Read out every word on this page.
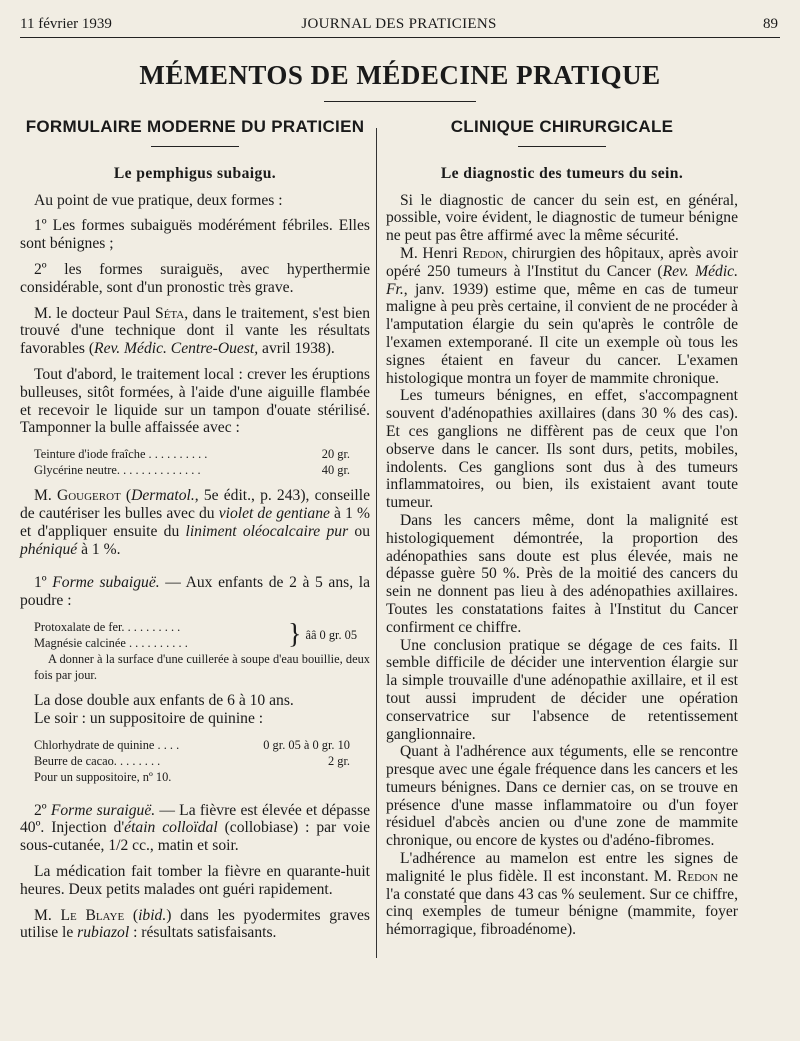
11 février 1939	JOURNAL DES PRATICIENS	89
MÉMENTOS DE MÉDECINE PRATIQUE
FORMULAIRE MODERNE DU PRATICIEN
Le pemphigus subaigu.

Au point de vue pratique, deux formes :

1º Les formes subaiguës modérément fébriles. Elles sont bénignes ;

2º les formes suraiguës, avec hyperthermie considérable, sont d'un pronostic très grave.

M. le docteur Paul Séta, dans le traitement, s'est bien trouvé d'une technique dont il vante les résultats favorables (Rev. Médic. Centre-Ouest, avril 1938).

Tout d'abord, le traitement local : crever les éruptions bulleuses, sitôt formées, à l'aide d'une aiguille flambée et recevoir le liquide sur un tampon d'ouate stérilisé. Tamponner la bulle affaissée avec :

Teinture d'iode fraîche . . . . . . . . . .	20 gr.
Glycérine neutre. . . . . . . . . . . . . .	40 gr.

M. Gougerot (Dermatol., 5e édit., p. 243), conseille de cautériser les bulles avec du violet de gentiane à 1 % et d'appliquer ensuite du liniment oléocalcaire pur ou phéniqué à 1 %.

1º Forme subaiguë. — Aux enfants de 2 à 5 ans, la poudre :

Protoxalate de fer. . . . . . . . . .
Magnésie calcinée . . . . . . . . . .	} ââ 0 gr. 05
A donner à la surface d'une cuillerée à soupe d'eau bouillie, deux fois par jour.

La dose double aux enfants de 6 à 10 ans.

Le soir : un suppositoire de quinine :

Chlorhydrate de quinine . . . .	0 gr. 05 à 0 gr. 10
Beurre de cacao. . . . . . . .	2 gr.
Pour un suppositoire, nº 10.

2º Forme suraiguë. — La fièvre est élevée et dépasse 40º. Injection d'étain colloïdal (collobiase) : par voie sous-cutanée, 1/2 cc., matin et soir.

La médication fait tomber la fièvre en quarante-huit heures. Deux petits malades ont guéri rapidement.

M. Le Blaye (ibid.) dans les pyodermites graves utilise le rubiazol : résultats satisfaisants.

CLINIQUE CHIRURGICALE
Le diagnostic des tumeurs du sein.

Si le diagnostic de cancer du sein est, en général, possible, voire évident, le diagnostic de tumeur bénigne ne peut pas être affirmé avec la même sécurité.

M. Henri Redon, chirurgien des hôpitaux, après avoir opéré 250 tumeurs à l'Institut du Cancer (Rev. Médic. Fr., janv. 1939) estime que, même en cas de tumeur maligne à peu près certaine, il convient de ne procéder à l'amputation élargie du sein qu'après le contrôle de l'examen extemporané. Il cite un exemple où tous les signes étaient en faveur du cancer. L'examen histologique montra un foyer de mammite chronique.

Les tumeurs bénignes, en effet, s'accompagnent souvent d'adénopathies axillaires (dans 30 % des cas). Et ces ganglions ne diffèrent pas de ceux que l'on observe dans le cancer. Ils sont durs, petits, mobiles, indolents. Ces ganglions sont dus à des tumeurs inflammatoires, ou bien, ils existaient avant toute tumeur.

Dans les cancers même, dont la malignité est histologiquement démontrée, la proportion des adénopathies sans doute est plus élevée, mais ne dépasse guère 50 %. Près de la moitié des cancers du sein ne donnent pas lieu à des adénopathies axillaires. Toutes les constatations faites à l'Institut du Cancer confirment ce chiffre.

Une conclusion pratique se dégage de ces faits. Il semble difficile de décider une intervention élargie sur la simple trouvaille d'une adénopathie axillaire, et il est tout aussi imprudent de décider une opération conservatrice sur l'absence de retentissement ganglionnaire.

Quant à l'adhérence aux téguments, elle se rencontre presque avec une égale fréquence dans les cancers et les tumeurs bénignes. Dans ce dernier cas, on se trouve en présence d'une masse inflammatoire ou d'un foyer résiduel d'abcès ancien ou d'une zone de mammite chronique, ou encore de kystes ou d'adéno-fibromes.

L'adhérence au mamelon est entre les signes de malignité le plus fidèle. Il est inconstant. M. Redon ne l'a constaté que dans 43 cas % seulement. Sur ce chiffre, cinq exemples de tumeur bénigne (mammite, foyer hémorragique, fibroadénome).
